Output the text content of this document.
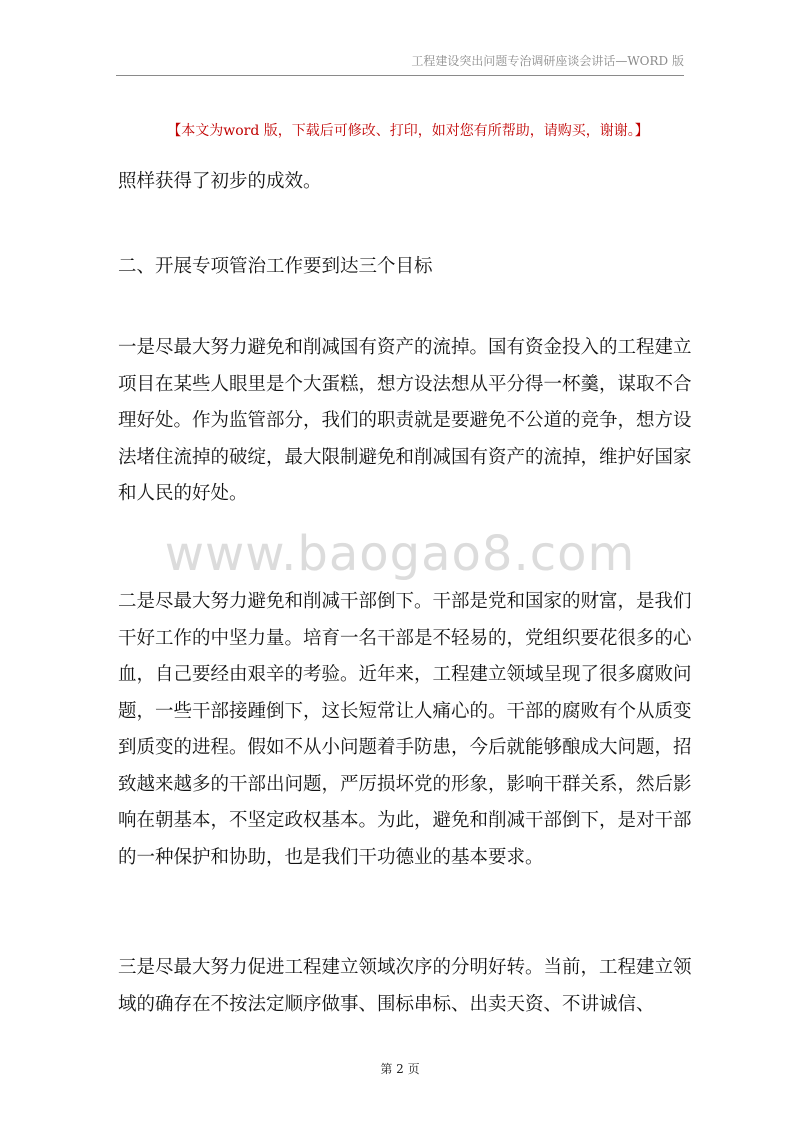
工程建设突出问题专治调研座谈会讲话—WORD 版
【本文为word 版，下载后可修改、打印，如对您有所帮助，请购买，谢谢。】
www.baogao8.com
照样获得了初步的成效。
二、开展专项管治工作要到达三个目标
一是尽最大努力避免和削减国有资产的流掉。国有资金投入的工程建立项目在某些人眼里是个大蛋糕，想方设法想从平分得一杯羹，谋取不合理好处。作为监管部分，我们的职责就是要避免不公道的竞争，想方设法堵住流掉的破绽，最大限制避免和削减国有资产的流掉，维护好国家和人民的好处。
二是尽最大努力避免和削减干部倒下。干部是党和国家的财富，是我们干好工作的中坚力量。培育一名干部是不轻易的，党组织要花很多的心血，自己要经由艰辛的考验。近年来，工程建立领域呈现了很多腐败问题，一些干部接踵倒下，这长短常让人痛心的。干部的腐败有个从质变到质变的进程。假如不从小问题着手防患，今后就能够酿成大问题，招致越来越多的干部出问题，严厉损坏党的形象，影响干群关系，然后影响在朝基本，不坚定政权基本。为此，避免和削减干部倒下，是对干部的一种保护和协助，也是我们干功德业的基本要求。
三是尽最大努力促进工程建立领域次序的分明好转。当前，工程建立领域的确存在不按法定顺序做事、围标串标、出卖天资、不讲诚信、
第 2 页
